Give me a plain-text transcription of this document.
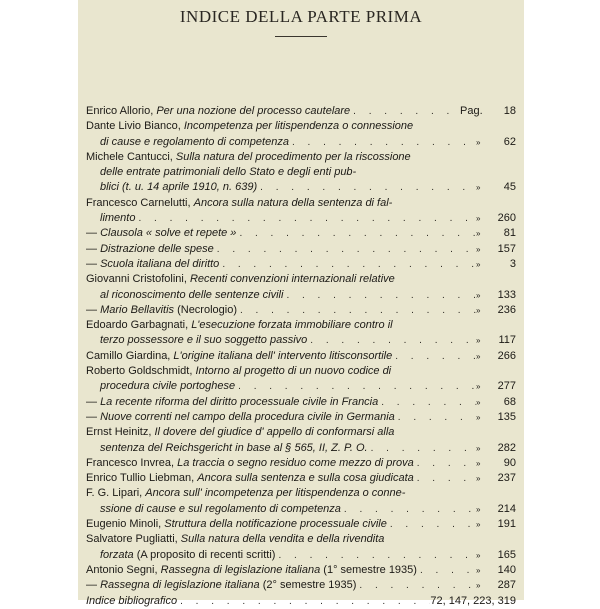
INDICE DELLA PARTE PRIMA
Enrico Allorio, Per una nozione del processo cautelare . . .	Pag.	18
Dante Livio Bianco, Incompetenza per litispendenza o connessione
di cause e regolamento di competenza . . .	»	62
Michele Cantucci, Sulla natura del procedimento per la riscossione
delle entrate patrimoniali dello Stato e degli enti pub-
blici (t. u. 14 aprile 1910, n. 639) . . .	»	45
Francesco Carnelutti, Ancora sulla natura della sentenza di fal-
limento . . .	»	260
— Clausola « solve et repete » . . .	»	81
— Distrazione delle spese . . .	»	157
— Scuola italiana del diritto . . .	»	3
Giovanni Cristofolini, Recenti convenzioni internazionali relative
al riconoscimento delle sentenze civili . . .	»	133
— Mario Bellavitis (Necrologio) . . .	»	236
Edoardo Garbagnati, L'esecuzione forzata immobiliare contro il
terzo possessore e il suo soggetto passivo . . .	»	117
Camillo Giardina, L'origine italiana dell' intervento litisconsortile . . .	»	266
Roberto Goldschmidt, Intorno al progetto di un nuovo codice di
procedura civile portoghese . . .	»	277
— La recente riforma del diritto processuale civile in Francia . . .	»	68
— Nuove correnti nel campo della procedura civile in Germania . . .	»	135
Ernst Heinitz, Il dovere del giudice d' appello di conformarsi alla
sentenza del Reichsgericht in base al § 565, II, Z. P. O. . . .	»	282
Francesco Invrea, La traccia o segno residuo come mezzo di prova . . .	»	90
Enrico Tullio Liebman, Ancora sulla sentenza e sulla cosa giudicata . . .	»	237
F. G. Lipari, Ancora sull' incompetenza per litispendenza o conne-
ssione di cause e sul regolamento di competenza . . .	»	214
Eugenio Minoli, Struttura della notificazione processuale civile . . .	»	191
Salvatore Pugliatti, Sulla natura della vendita e della rivendita
forzata (A proposito di recenti scritti) . . .	»	165
Antonio Segni, Rassegna di legislazione italiana (1° semestre 1935) . . .	»	140
— Rassegna di legislazione italiana (2° semestre 1935) . . .	»	287
Indice bibliografico . . .	72, 147, 223, 319
